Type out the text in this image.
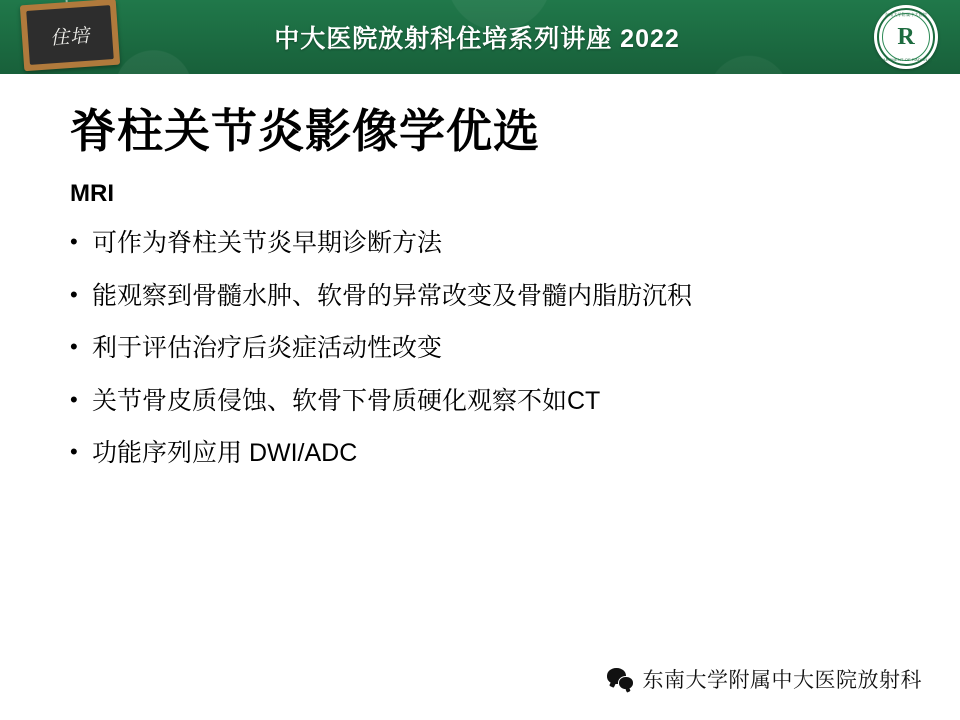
中大医院放射科住培系列讲座 2022
住培
东南大学附属中大医院
R
DEPARTMENT OF RADIOLOGY
脊柱关节炎影像学优选
MRI
• 可作为脊柱关节炎早期诊断方法
• 能观察到骨髓水肿、软骨的异常改变及骨髓内脂肪沉积
• 利于评估治疗后炎症活动性改变
• 关节骨皮质侵蚀、软骨下骨质硬化观察不如CT
• 功能序列应用 DWI/ADC
东南大学附属中大医院放射科
